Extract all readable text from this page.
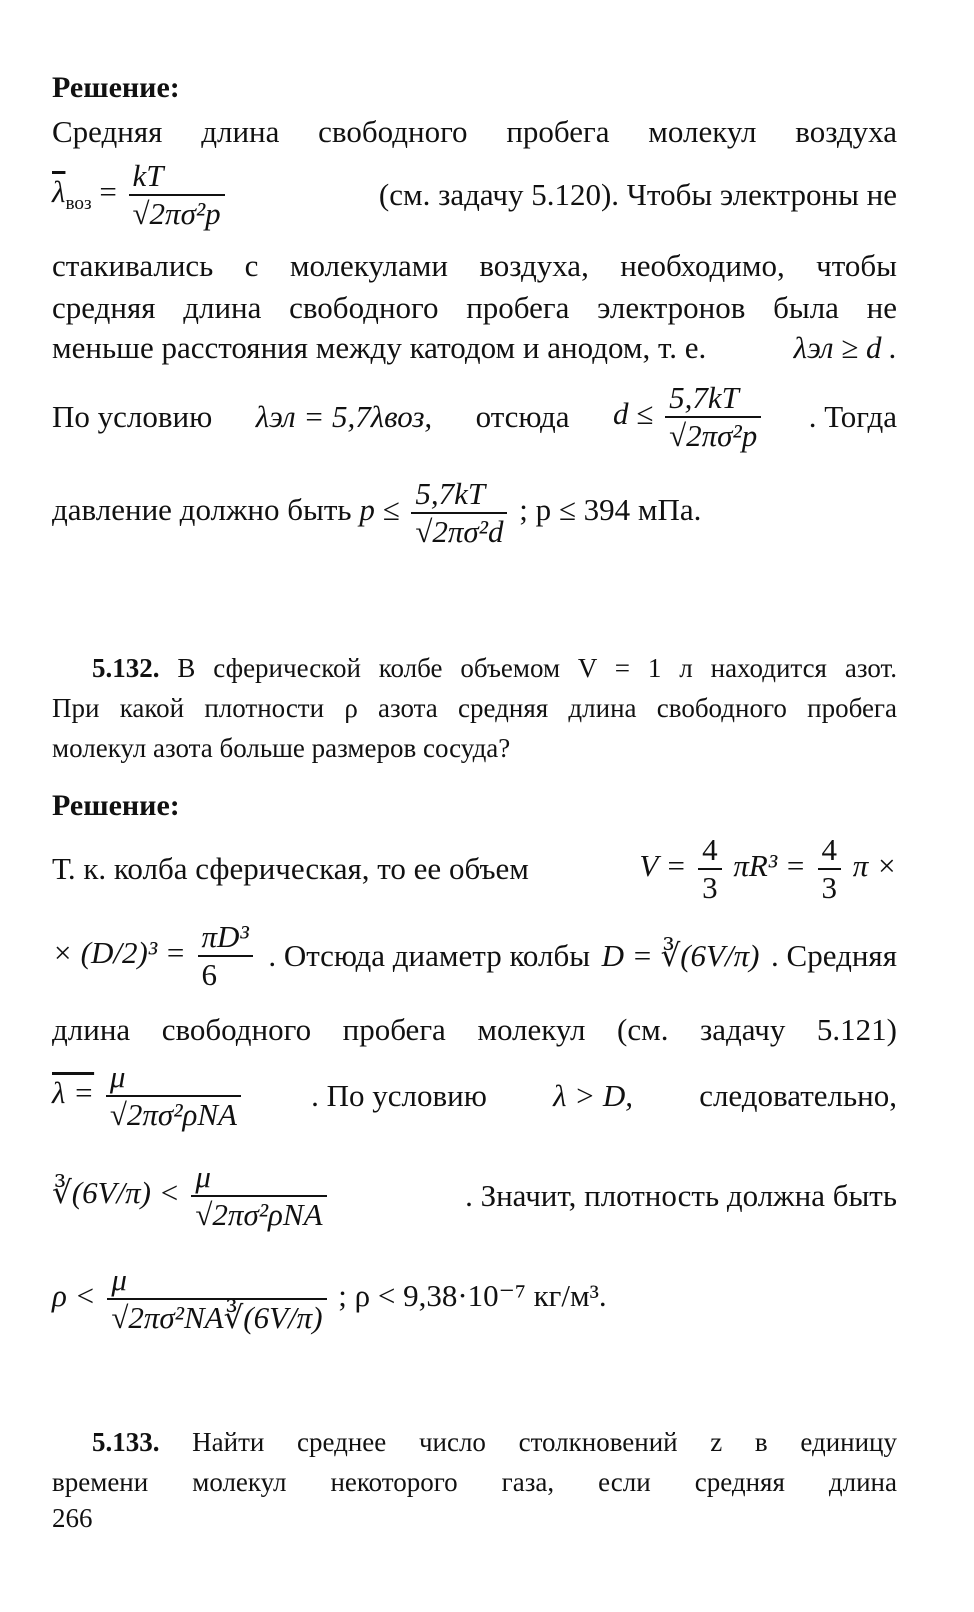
Решение:

Средняя длина свободного пробега молекул воздуха

$\overline{\lambda}_{воз} = \frac{kT}{\text{√2πσ²p}}$	(см. задачу 5.120). Чтобы электроны не

стакивались с молекулами воздуха, необходимо, чтобы

средняя длина свободного пробега электронов была не

меньше расстояния между катодом и анодом, т. е.	λэл ≥ d .
По условию λэл = 5,7λвоз, отсюда $d \le \frac{5,7kT}{\text{√2πσ²p}}$ . Тогда
давление должно быть $p \le \frac{5,7kT}{\text{√2πσ²d}}$ ; p ≤ 394 мПа.
5.132. В сферической колбе объемом V = 1 л находится азот.

При какой плотности ρ азота средняя длина свободного пробега

молекул азота больше размеров сосуда?

Решение:

Т. к. колба сферическая, то ее объем	$V = \frac{4}{3} \pi R^3 = \frac{4}{3}$ π ×
× $(D/2)^3 = \frac{\text{πD³}}{6}$ . Отсюда диаметр колбы D = ∛(6V/π) . Средняя

длина свободного пробега молекул (см. задачу 5.121)

$\lambda = \frac{\mu}{\text{√2πσ²ρNA}}$ . По условию λ > D, следовательно,
∛(6V/π) < $\frac{\mu}{\text{√2πσ²ρNA}}$	. Значит, плотность должна быть
$\rho < \frac{\mu}{\text{√2πσ²NA∛(6V/π)}}$ ; ρ < 9,38·10⁻⁷ кг/м³.
5.133. Найти среднее число столкновений z в единицу

времени молекул некоторого газа, если средняя длина

266
